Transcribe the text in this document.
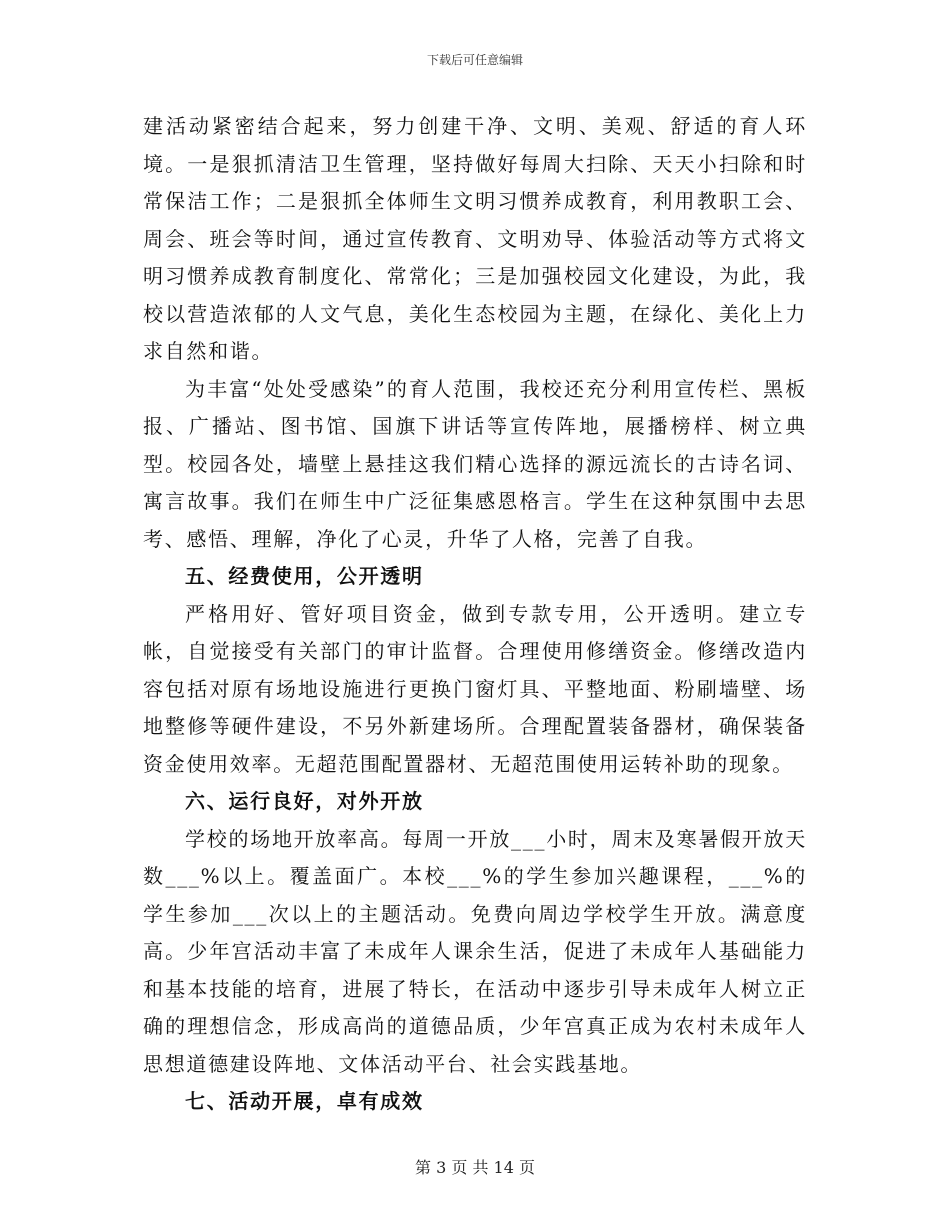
下载后可任意编辑

建活动紧密结合起来，努力创建干净、文明、美观、舒适的育人环境。一是狠抓清洁卫生管理，坚持做好每周大扫除、天天小扫除和时常保洁工作；二是狠抓全体师生文明习惯养成教育，利用教职工会、周会、班会等时间，通过宣传教育、文明劝导、体验活动等方式将文明习惯养成教育制度化、常常化；三是加强校园文化建设，为此，我校以营造浓郁的人文气息，美化生态校园为主题，在绿化、美化上力求自然和谐。

为丰富“处处受感染”的育人范围，我校还充分利用宣传栏、黑板报、广播站、图书馆、国旗下讲话等宣传阵地，展播榜样、树立典型。校园各处，墙壁上悬挂这我们精心选择的源远流长的古诗名词、寓言故事。我们在师生中广泛征集感恩格言。学生在这种氛围中去思考、感悟、理解，净化了心灵，升华了人格，完善了自我。

五、经费使用，公开透明

严格用好、管好项目资金，做到专款专用，公开透明。建立专帐，自觉接受有关部门的审计监督。合理使用修缮资金。修缮改造内容包括对原有场地设施进行更换门窗灯具、平整地面、粉刷墙壁、场地整修等硬件建设，不另外新建场所。合理配置装备器材，确保装备资金使用效率。无超范围配置器材、无超范围使用运转补助的现象。

六、运行良好，对外开放

学校的场地开放率高。每周一开放___小时，周末及寒暑假开放天数___%以上。覆盖面广。本校___%的学生参加兴趣课程，___%的学生参加___次以上的主题活动。免费向周边学校学生开放。满意度高。少年宫活动丰富了未成年人课余生活，促进了未成年人基础能力和基本技能的培育，进展了特长，在活动中逐步引导未成年人树立正确的理想信念，形成高尚的道德品质，少年宫真正成为农村未成年人思想道德建设阵地、文体活动平台、社会实践基地。

七、活动开展，卓有成效

第 3 页 共 14 页
